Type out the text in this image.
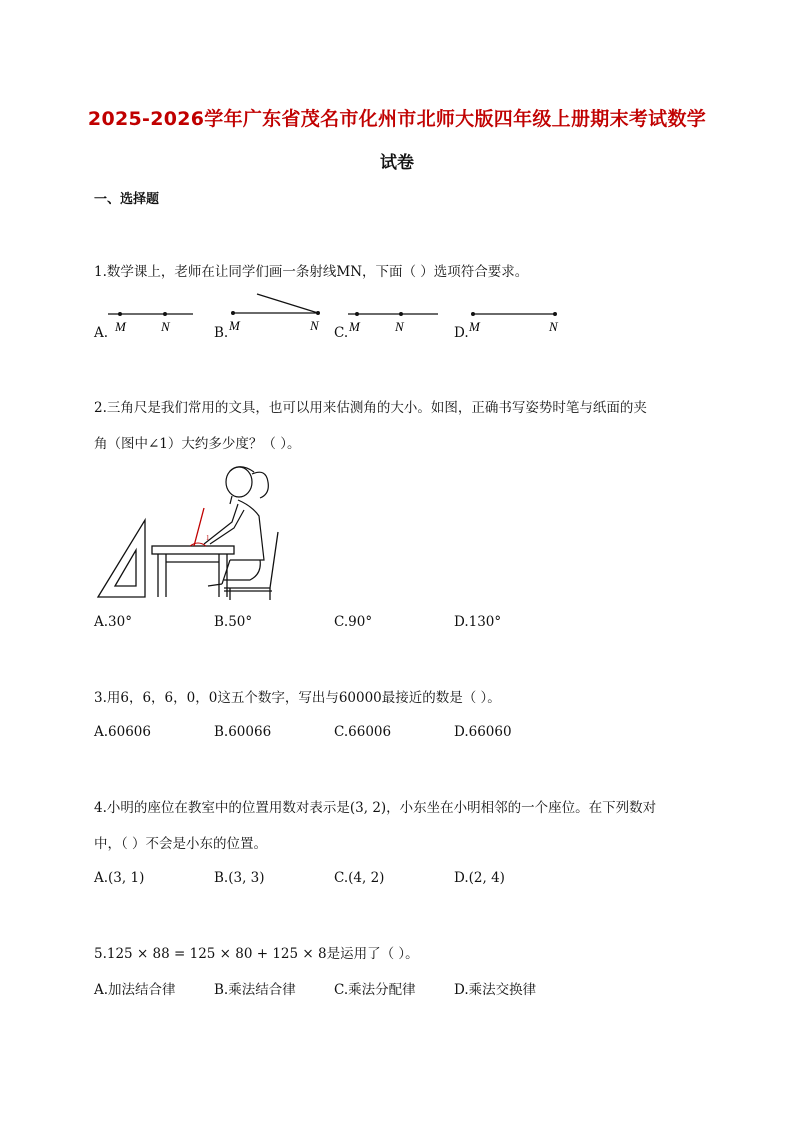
2025-2026学年广东省茂名市化州市北师大版四年级上册期末考试数学
试卷
一、选择题
1.数学课上，老师在让同学们画一条射线MN，下面（ ）选项符合要求。
A. M	N	B. M	N C. M	N	D. M	N
2.三角尺是我们常用的文具，也可以用来估测角的大小。如图，正确书写姿势时笔与纸面的夹
角（图中∠1）大约多少度？（ ）。
1
A.30°	B.50°	C.90°	D.130°
3.用6，6，6，0，0这五个数字，写出与60000最接近的数是（ ）。
A.60606	B.60066	C.66006	D.66060
4.小明的座位在教室中的位置用数对表示是(3, 2)，小东坐在小明相邻的一个座位。在下列数对
中，（ ）不会是小东的位置。
A.(3, 1)	B.(3, 3)	C.(4, 2)	D.(2, 4)
5.125 × 88 = 125 × 80 + 125 × 8是运用了（ ）。
A.加法结合律	B.乘法结合律	C.乘法分配律	D.乘法交换律
